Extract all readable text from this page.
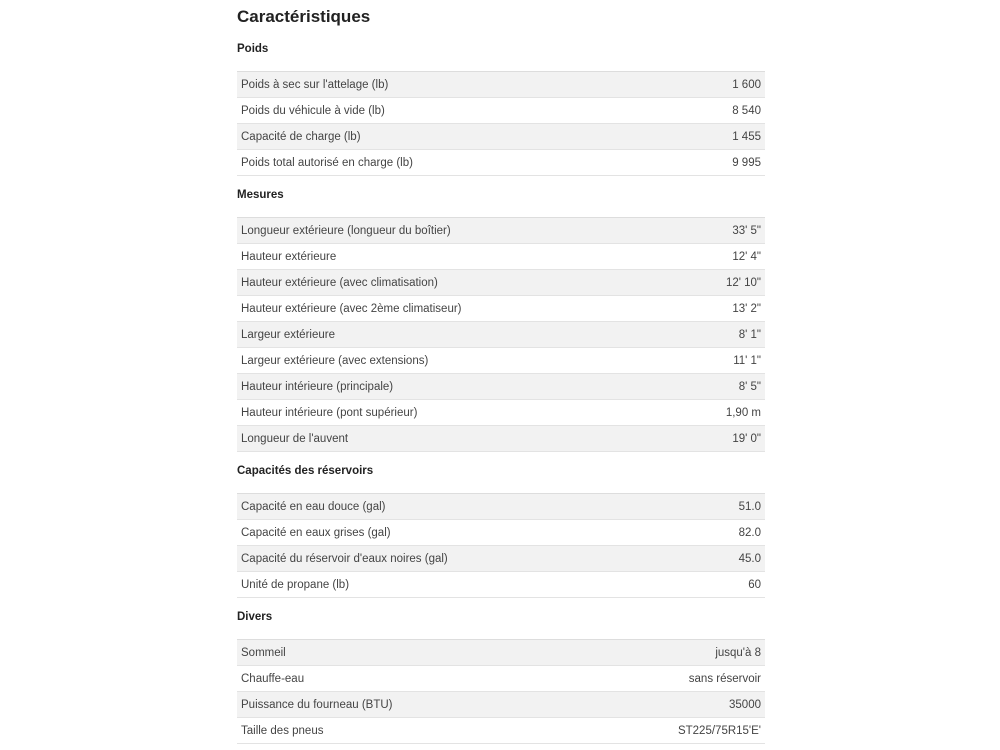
Caractéristiques
Poids
Poids à sec sur l'attelage (lb)	1 600
Poids du véhicule à vide (lb)	8 540
Capacité de charge (lb)	1 455
Poids total autorisé en charge (lb)	9 995
Mesures
Longueur extérieure (longueur du boîtier)	33' 5"
Hauteur extérieure	12' 4"
Hauteur extérieure (avec climatisation)	12' 10"
Hauteur extérieure (avec 2ème climatiseur)	13' 2"
Largeur extérieure	8' 1"
Largeur extérieure (avec extensions)	11' 1"
Hauteur intérieure (principale)	8' 5"
Hauteur intérieure (pont supérieur)	1,90 m
Longueur de l'auvent	19' 0"
Capacités des réservoirs
Capacité en eau douce (gal)	51.0
Capacité en eaux grises (gal)	82.0
Capacité du réservoir d'eaux noires (gal)	45.0
Unité de propane (lb)	60
Divers
Sommeil	jusqu'à 8
Chauffe-eau	sans réservoir
Puissance du fourneau (BTU)	35000
Taille des pneus	ST225/75R15'E'
